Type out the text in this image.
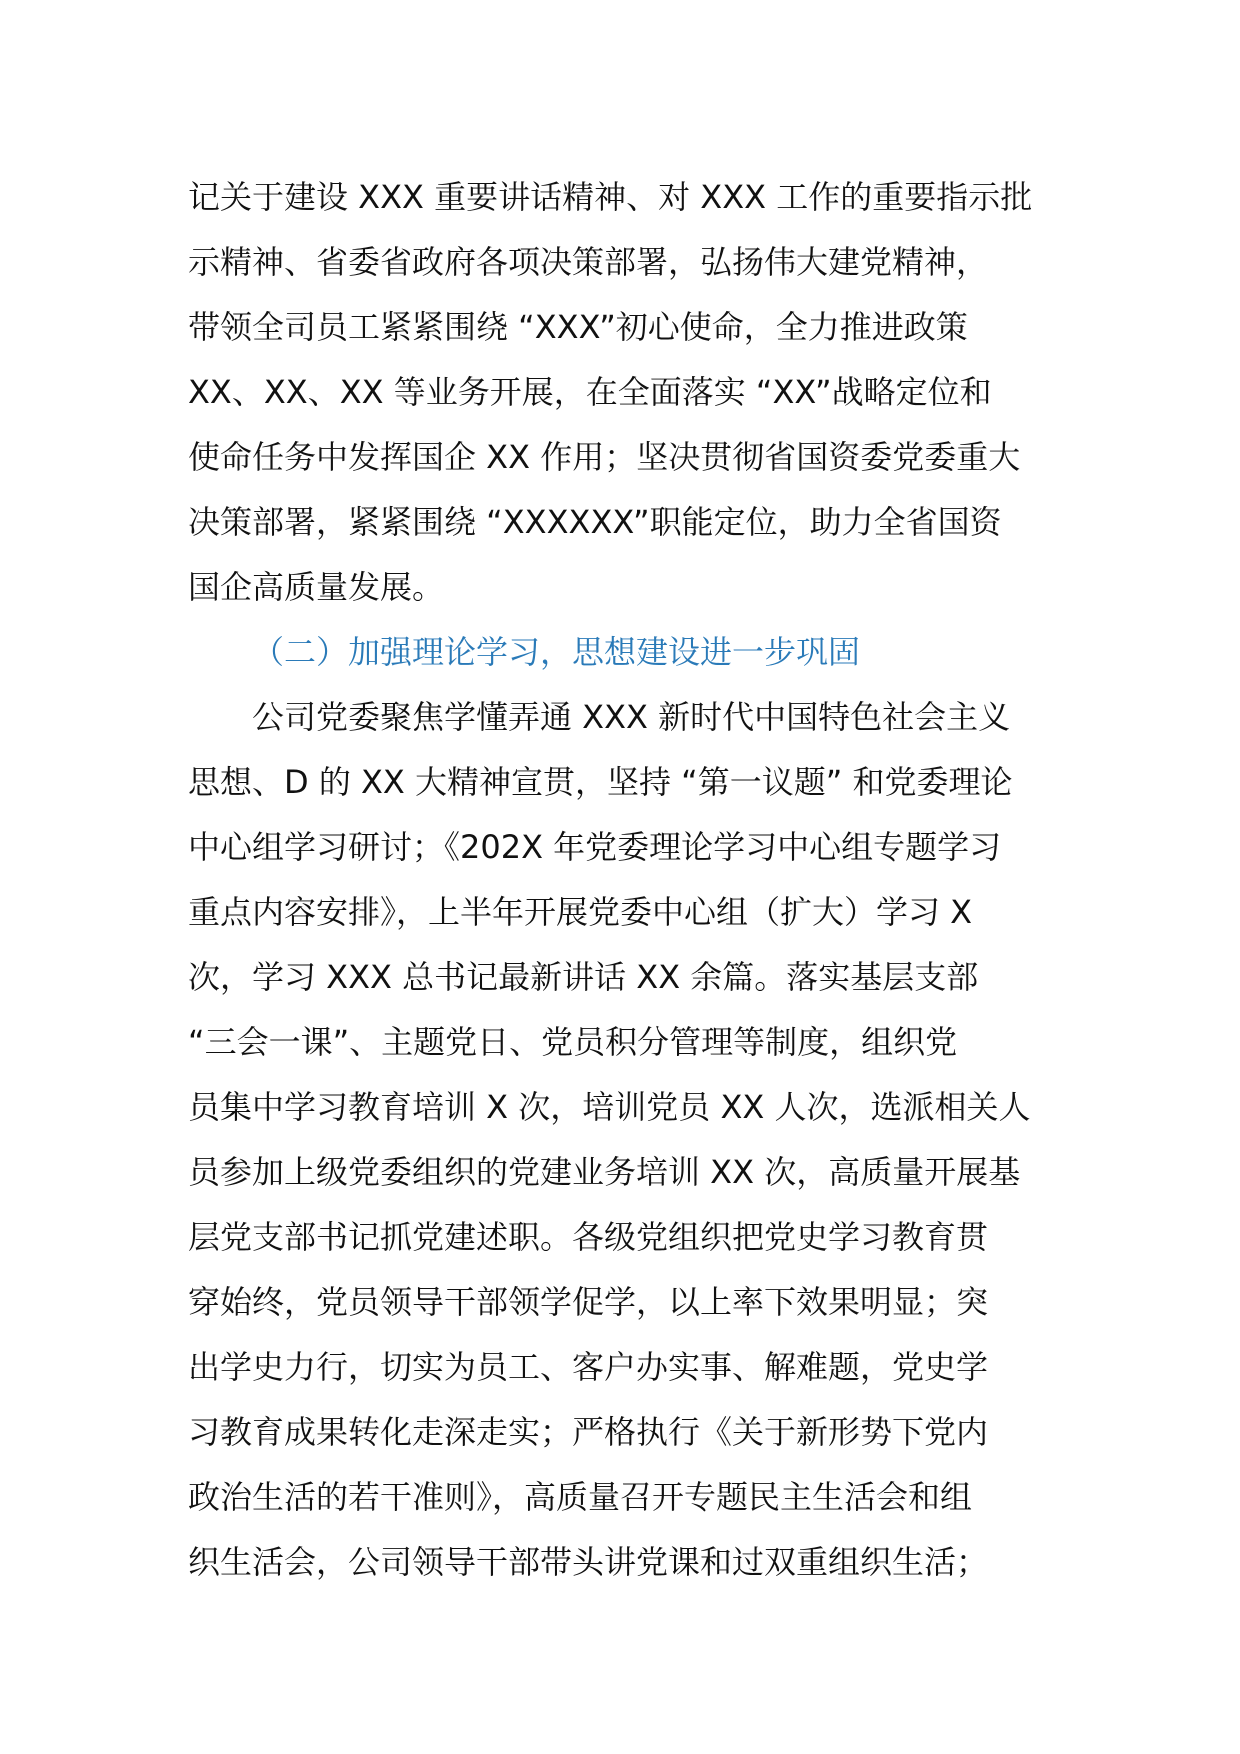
记关于建设 XXX 重要讲话精神、对 XXX 工作的重要指示批
示精神、省委省政府各项决策部署，弘扬伟大建党精神，
带领全司员工紧紧围绕 “XXX”初心使命，全力推进政策
XX、XX、XX 等业务开展，在全面落实 “XX”战略定位和
使命任务中发挥国企 XX 作用；坚决贯彻省国资委党委重大
决策部署，紧紧围绕 “XXXXXX”职能定位，助力全省国资
国企高质量发展。
（二）加强理论学习，思想建设进一步巩固
公司党委聚焦学懂弄通 XXX 新时代中国特色社会主义
思想、D 的 XX 大精神宣贯，坚持 “第一议题” 和党委理论
中心组学习研讨；《202X 年党委理论学习中心组专题学习
重点内容安排》，上半年开展党委中心组（扩大）学习 X
次，学习 XXX 总书记最新讲话 XX 余篇。落实基层支部
“三会一课”、主题党日、党员积分管理等制度，组织党
员集中学习教育培训 X 次，培训党员 XX 人次，选派相关人
员参加上级党委组织的党建业务培训 XX 次，高质量开展基
层党支部书记抓党建述职。各级党组织把党史学习教育贯
穿始终，党员领导干部领学促学，以上率下效果明显；突
出学史力行，切实为员工、客户办实事、解难题，党史学
习教育成果转化走深走实；严格执行《关于新形势下党内
政治生活的若干准则》，高质量召开专题民主生活会和组
织生活会，公司领导干部带头讲党课和过双重组织生活；
